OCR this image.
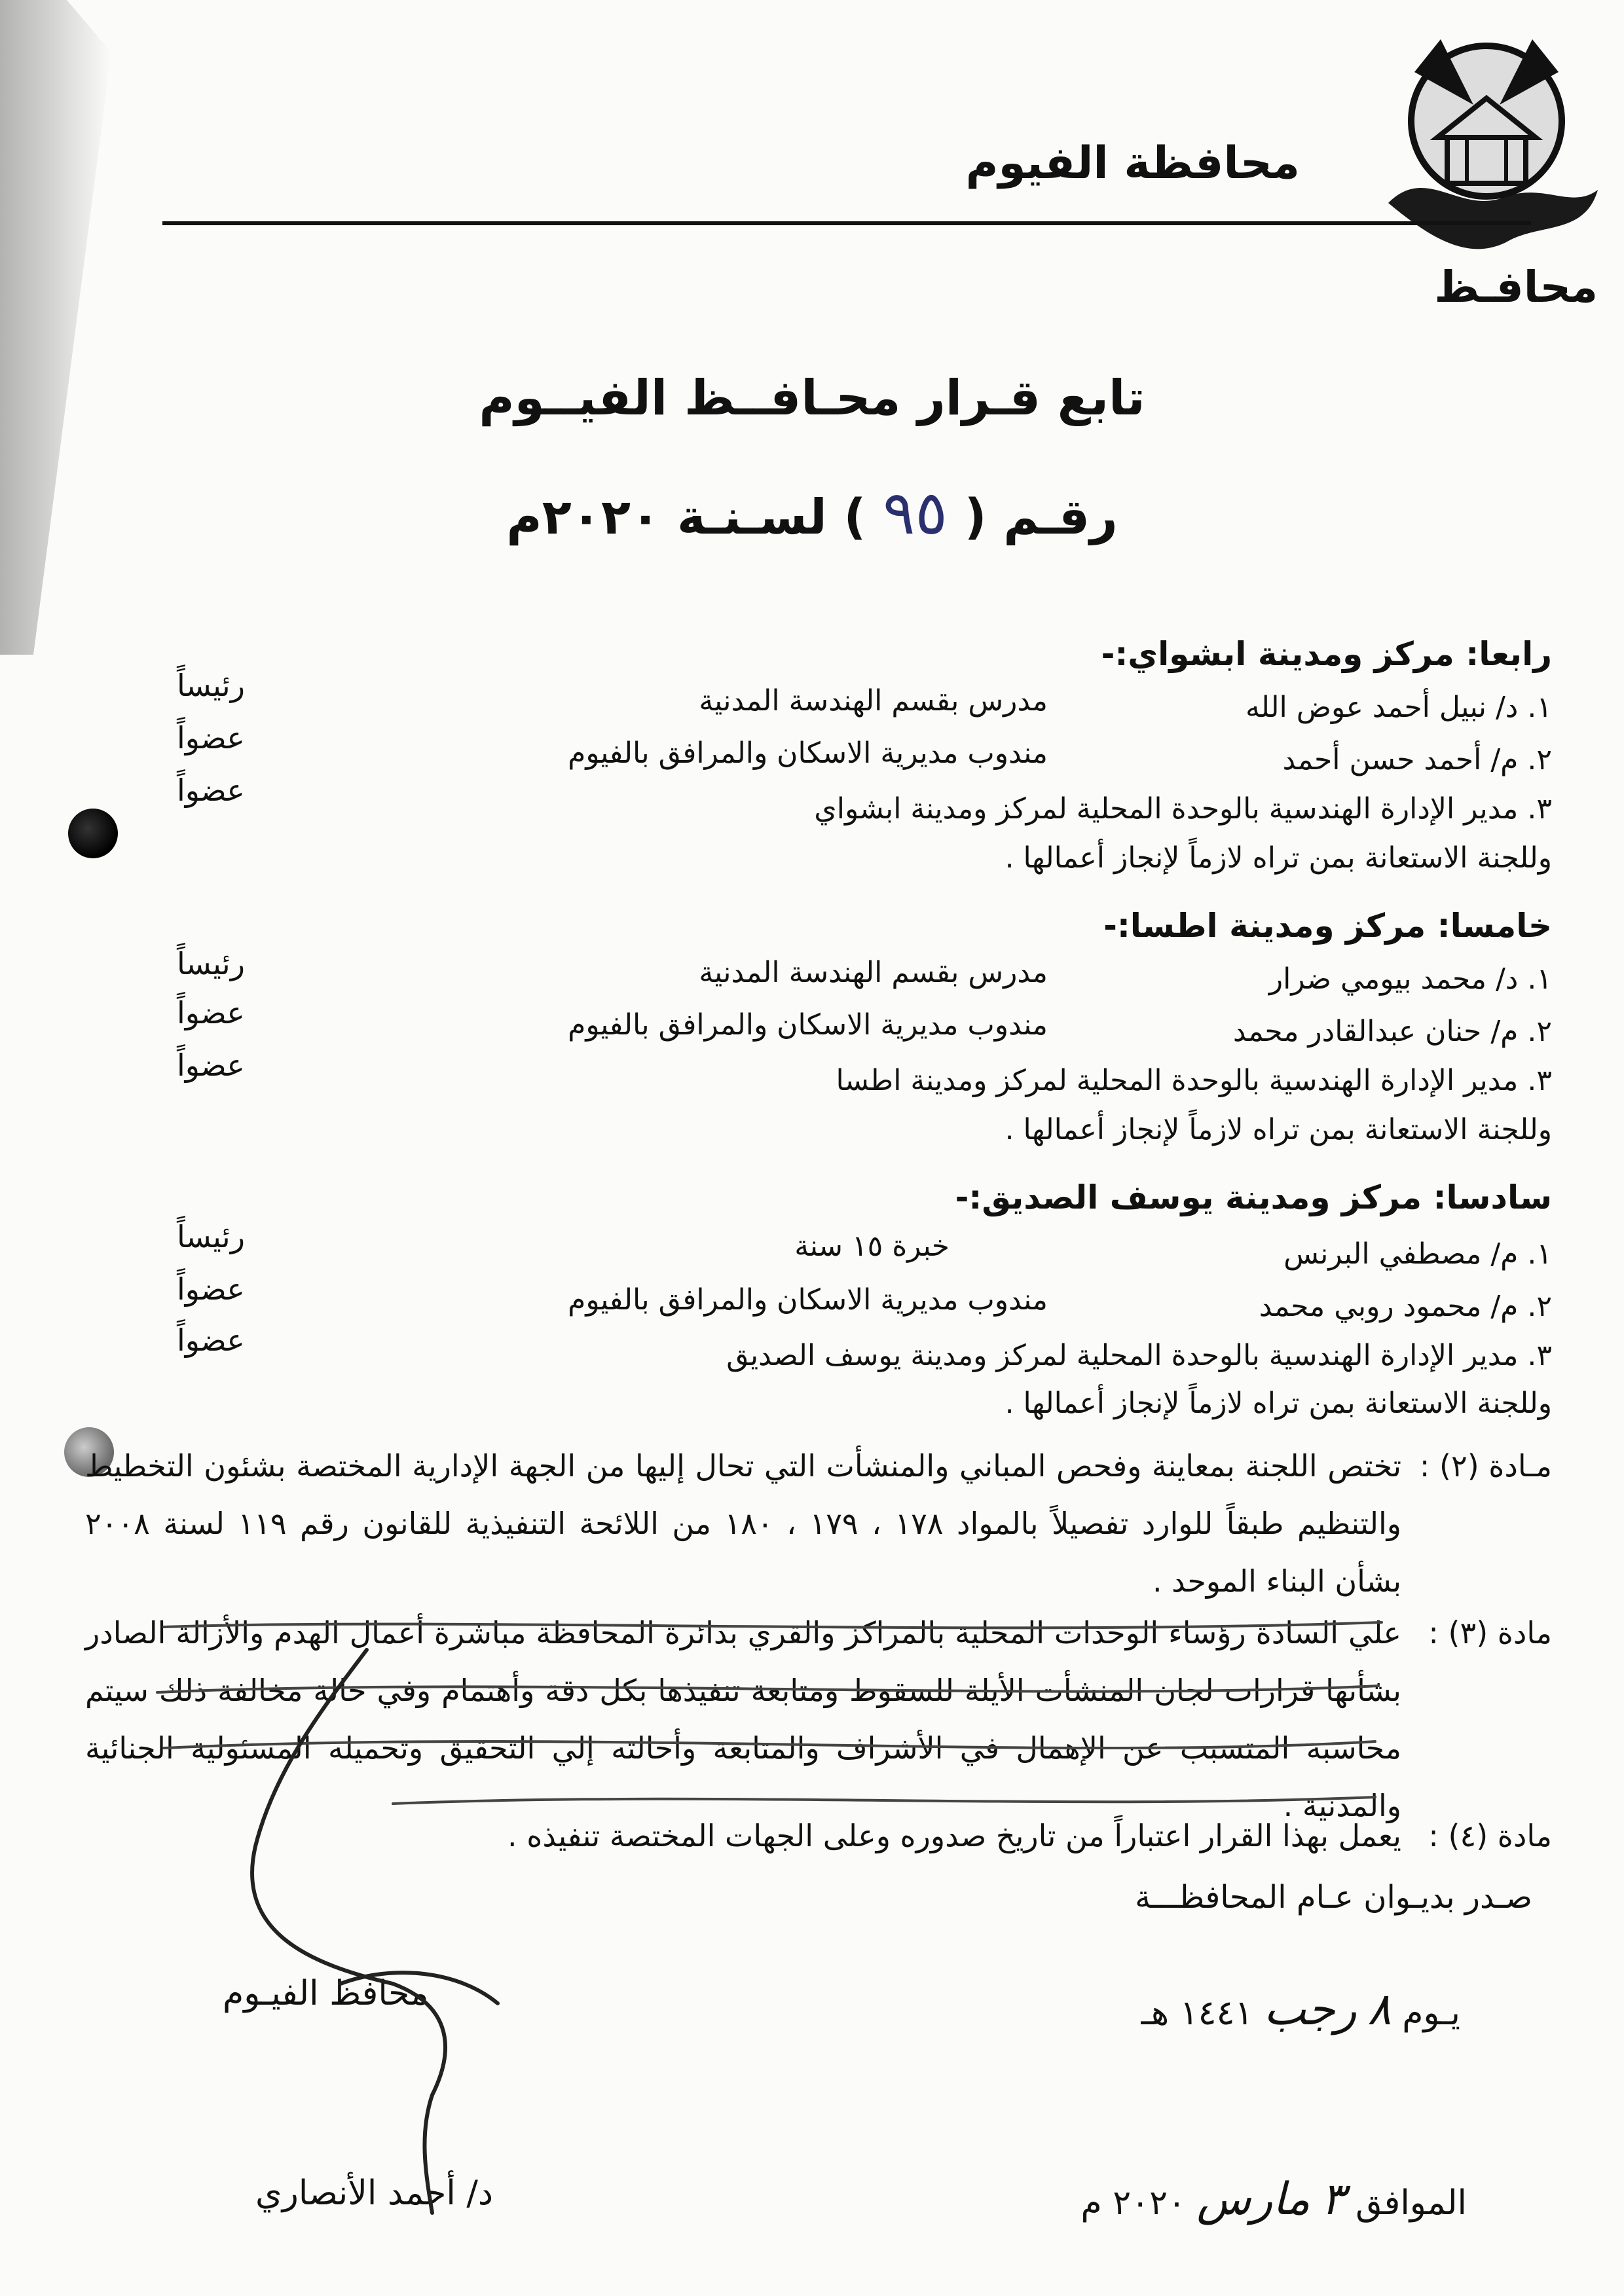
محافظة الفيوم
محافـظ
تابع قـرار محـافــظ الفيــوم
رقـم ( ٩٥ ) لسـنـة ٢٠٢٠م
رابعا: مركز ومدينة ابشواي:-
١. د/ نبيل أحمد عوض الله
مدرس بقسم الهندسة المدنية
رئيساً
٢. م/ أحمد حسن أحمد
مندوب مديرية الاسكان والمرافق بالفيوم
عضواً
٣. مدير الإدارة الهندسية بالوحدة المحلية لمركز ومدينة ابشواي
عضواً
وللجنة الاستعانة بمن تراه لازماً لإنجاز أعمالها .
خامسا: مركز ومدينة اطسا:-
١. د/ محمد بيومي ضرار
مدرس بقسم الهندسة المدنية
رئيساً
٢. م/ حنان عبدالقادر محمد
مندوب مديرية الاسكان والمرافق بالفيوم
عضواً
٣. مدير الإدارة الهندسية بالوحدة المحلية لمركز ومدينة اطسا
عضواً
وللجنة الاستعانة بمن تراه لازماً لإنجاز أعمالها .
سادسا: مركز ومدينة يوسف الصديق:-
١. م/ مصطفي البرنس
خبرة ١٥ سنة
رئيساً
٢. م/ محمود روبي محمد
مندوب مديرية الاسكان والمرافق بالفيوم
عضواً
٣. مدير الإدارة الهندسية بالوحدة المحلية لمركز ومدينة يوسف الصديق
عضواً
وللجنة الاستعانة بمن تراه لازماً لإنجاز أعمالها .
مـادة (٢) :
تختص اللجنة بمعاينة وفحص المباني والمنشأت التي تحال إليها من الجهة الإدارية المختصة بشئون التخطيط والتنظيم طبقاً للوارد تفصيلاً بالمواد ١٧٨ ، ١٧٩ ، ١٨٠ من اللائحة التنفيذية للقانون رقم ١١٩ لسنة ٢٠٠٨ بشأن البناء الموحد .
مادة (٣) :
علي السادة رؤساء الوحدات المحلية بالمراكز والقري بدائرة المحافظة مباشرة أعمال الهدم والأزالة الصادر بشأنها قرارات لجان المنشأت الأيلة للسقوط ومتابعة تنفيذها بكل دقة وأهتمام وفي حالة مخالفة ذلك سيتم محاسبة المتسبب عن الإهمال في الأشراف والمتابعة وأحالته إلي التحقيق وتحميله المسئولية الجنائية والمدنية .
مادة (٤) :
يعمل بهذا القرار اعتباراً من تاريخ صدوره وعلى الجهات المختصة تنفيذه .
صـدر بديـوان عـام المحافظـــة
يـوم ٨ رجب ١٤٤١ هـ
الموافق ٣ مارس ٢٠٢٠ م
محافظ الفيـوم
د/ أحمد الأنصاري
